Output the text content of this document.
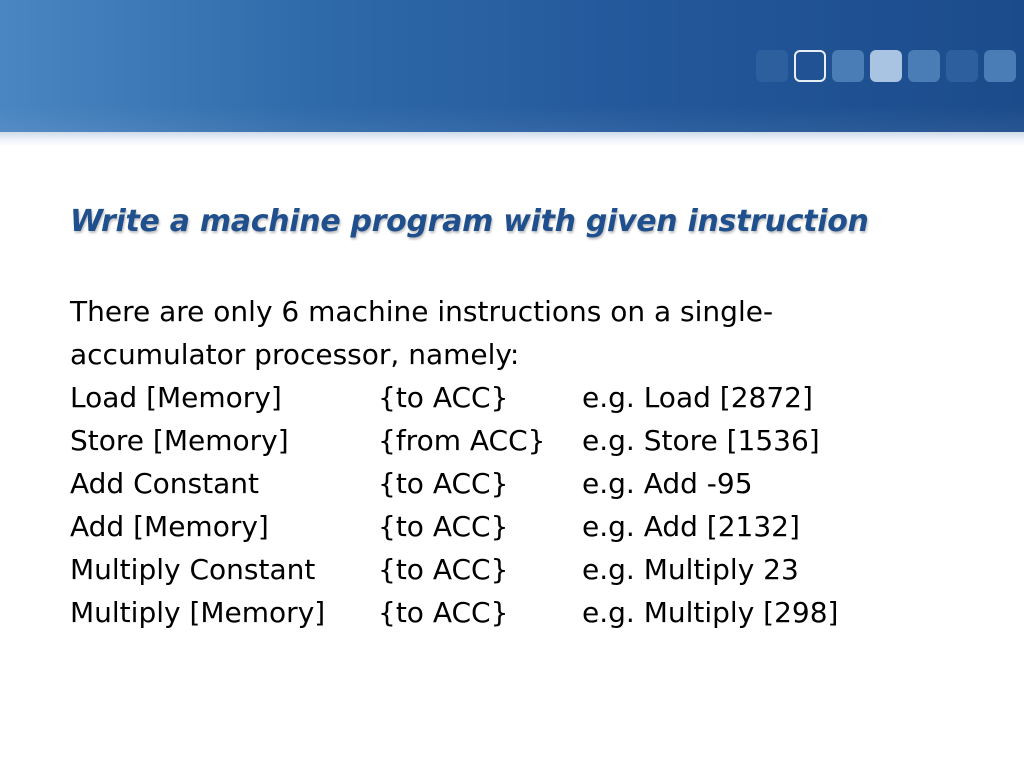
Write a machine program with given instruction

There are only 6 machine instructions on a single-

accumulator processor, namely:

Load [Memory]	{to ACC}	e.g. Load [2872]
Store [Memory]	{from ACC}	e.g. Store [1536]
Add Constant	{to ACC}	e.g. Add -95
Add [Memory]	{to ACC}	e.g. Add [2132]
Multiply Constant	{to ACC}	e.g. Multiply 23
Multiply [Memory]	{to ACC}	e.g. Multiply [298]
